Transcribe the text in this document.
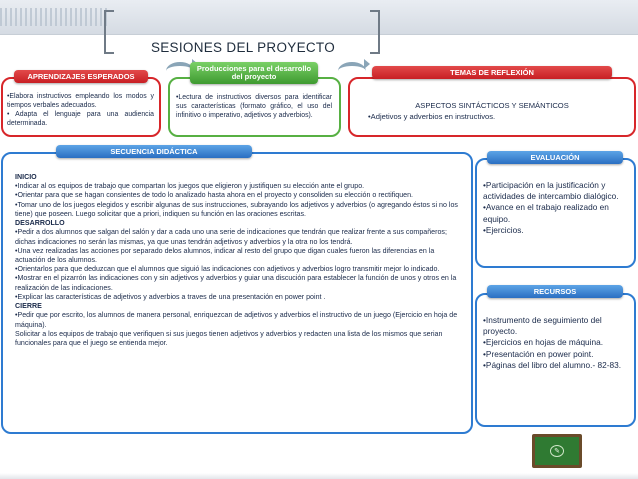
SESIONES DEL PROYECTO
•Elabora instructivos empleando los modos y tiempos verbales adecuados.
• Adapta el lenguaje para una audiencia determinada.
APRENDIZAJES ESPERADOS
•Lectura de instructivos diversos para identificar sus características (formato gráfico, el uso del infinitivo o imperativo, adjetivos y adverbios).
Producciones para el desarrollo del proyecto
ASPECTOS SINTÁCTICOS Y SEMÁNTICOS
•Adjetivos y adverbios en instructivos.
TEMAS DE REFLEXIÓN

INICIO

•Indicar al os equipos de trabajo que compartan los juegos que eligieron y justifiquen su elección ante el grupo.

•Orientar para que se hagan consientes de todo lo analizado hasta ahora en el proyecto y consoliden su elección o rectifiquen.

•Tomar uno de los juegos elegidos y escribir algunas de sus instrucciones, subrayando los adjetivos y adverbios (o agregando éstos si no los tiene) que poseen. Luego solicitar que a priori, indiquen su función en las oraciones escritas.

DESARROLLO

•Pedir a dos alumnos que salgan del salón y dar a cada uno una serie de indicaciones que tendrán que realizar frente a sus compañeros; dichas indicaciones no serán las mismas, ya que unas tendrán adjetivos y adverbios y la otra no los tendrá.

•Una vez realizadas las acciones por separado delos alumnos, indicar al resto del grupo que digan cuales fueron las diferencias en la actuación de los alumnos.

•Orientarlos para que deduzcan que el alumnos que siguió las indicaciones con adjetivos y adverbios logro transmitir mejor lo indicado.

•Mostrar en el pizarrón las indicaciones con y sin adjetivos y adverbios y guiar una discución para establecer la función de unos y otros en la realización de las indicaciones.

•Explicar las características de adjetivos y adverbios a traves de una presentación en power point .

CIERRE

•Pedir que por escrito, los alumnos de manera personal, enriquezcan de adjetivos y adverbios el instructivo de un juego (Ejercicio en hoja de máquina).

Solicitar a los equipos de trabajo que verifiquen si sus juegos tienen adjetivos y adverbios y redacten una lista de los mismos que serian funcionales para que el juego se entienda mejor.

SECUENCIA DIDÁCTICA

•Participación en la justificación y actividades de intercambio dialógico.

•Avance en el trabajo realizado en equipo.

•Ejercicios.

EVALUACIÓN

•Instrumento de seguimiento del proyecto.

•Ejercicios en hojas de máquina.

•Presentación en power point.

•Páginas del libro del alumno.- 82-83.

RECURSOS
✎
